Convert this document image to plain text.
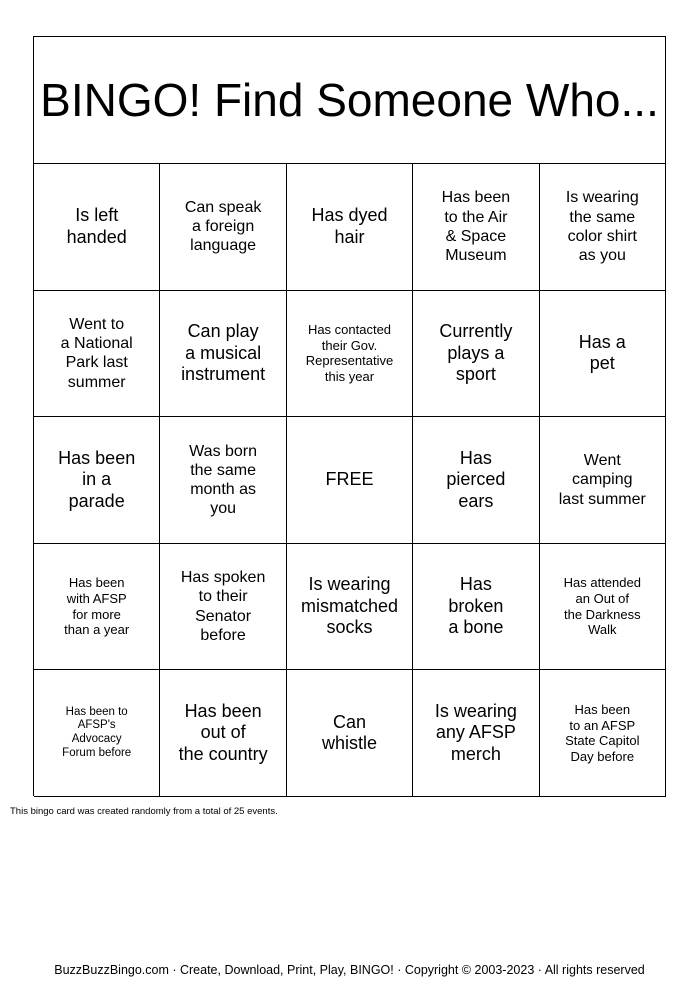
BINGO! Find Someone Who...
Is left
handed
Can speak
a foreign
language
Has dyed
hair
Has been
to the Air
& Space
Museum
Is wearing
the same
color shirt
as you
Went to
a National
Park last
summer
Can play
a musical
instrument
Has contacted
their Gov.
Representative
this year
Currently
plays a
sport
Has a
pet
Has been
in a
parade
Was born
the same
month as
you
FREE
Has
pierced
ears
Went
camping
last summer
Has been
with AFSP
for more
than a year
Has spoken
to their
Senator
before
Is wearing
mismatched
socks
Has
broken
a bone
Has attended
an Out of
the Darkness
Walk
Has been to
AFSP's
Advocacy
Forum before
Has been
out of
the country
Can
whistle
Is wearing
any AFSP
merch
Has been
to an AFSP
State Capitol
Day before
This bingo card was created randomly from a total of 25 events.
BuzzBuzzBingo.com · Create, Download, Print, Play, BINGO! · Copyright © 2003-2023 · All rights reserved
